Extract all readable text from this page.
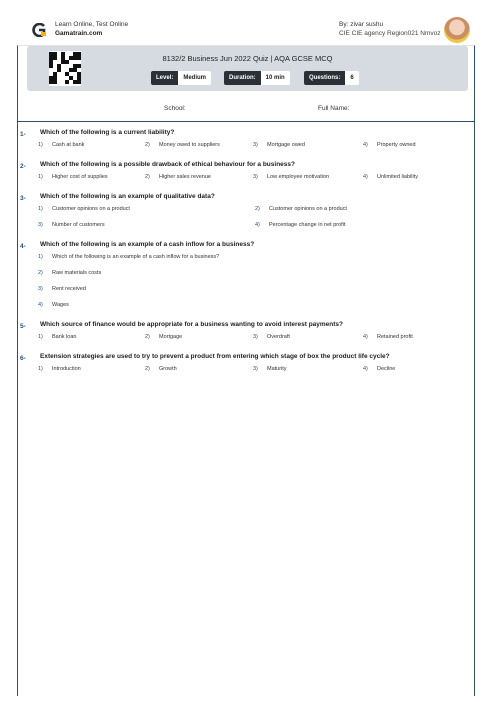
Learn Online, Test Online
Gamatrain.com
By: zivar sushu
CIE CIE agency Region021 Nmvoz
8132/2 Business Jun 2022 Quiz | AQA GCSE MCQ
Level:	Medium	Duration:	10 min	Questions:	6
School:	Full Name:
1- Which of the following is a current liability?
1) Cash at bank	2) Money owed to suppliers	3) Mortgage owed	4) Property owned
2- Which of the following is a possible drawback of ethical behaviour for a business?
1) Higher cost of supplies	2) Higher sales revenue	3) Low employee motivation	4) Unlimited liability
3- Which of the following is an example of qualitative data?
1) Customer opinions on a product	2) Customer opinions on a product
3) Number of customers	4) Percentage change in net profit
4- Which of the following is an example of a cash inflow for a business?
1) Which of the following is an example of a cash inflow for a business?
2) Raw materials costs
3) Rent received
4) Wages
5- Which source of finance would be appropriate for a business wanting to avoid interest payments?
1) Bank loan	2) Mortgage	3) Overdraft	4) Retained profit
6- Extension strategies are used to try to prevent a product from entering which stage of box the product life cycle?
1) Introduction	2) Growth	3) Maturity	4) Decline
